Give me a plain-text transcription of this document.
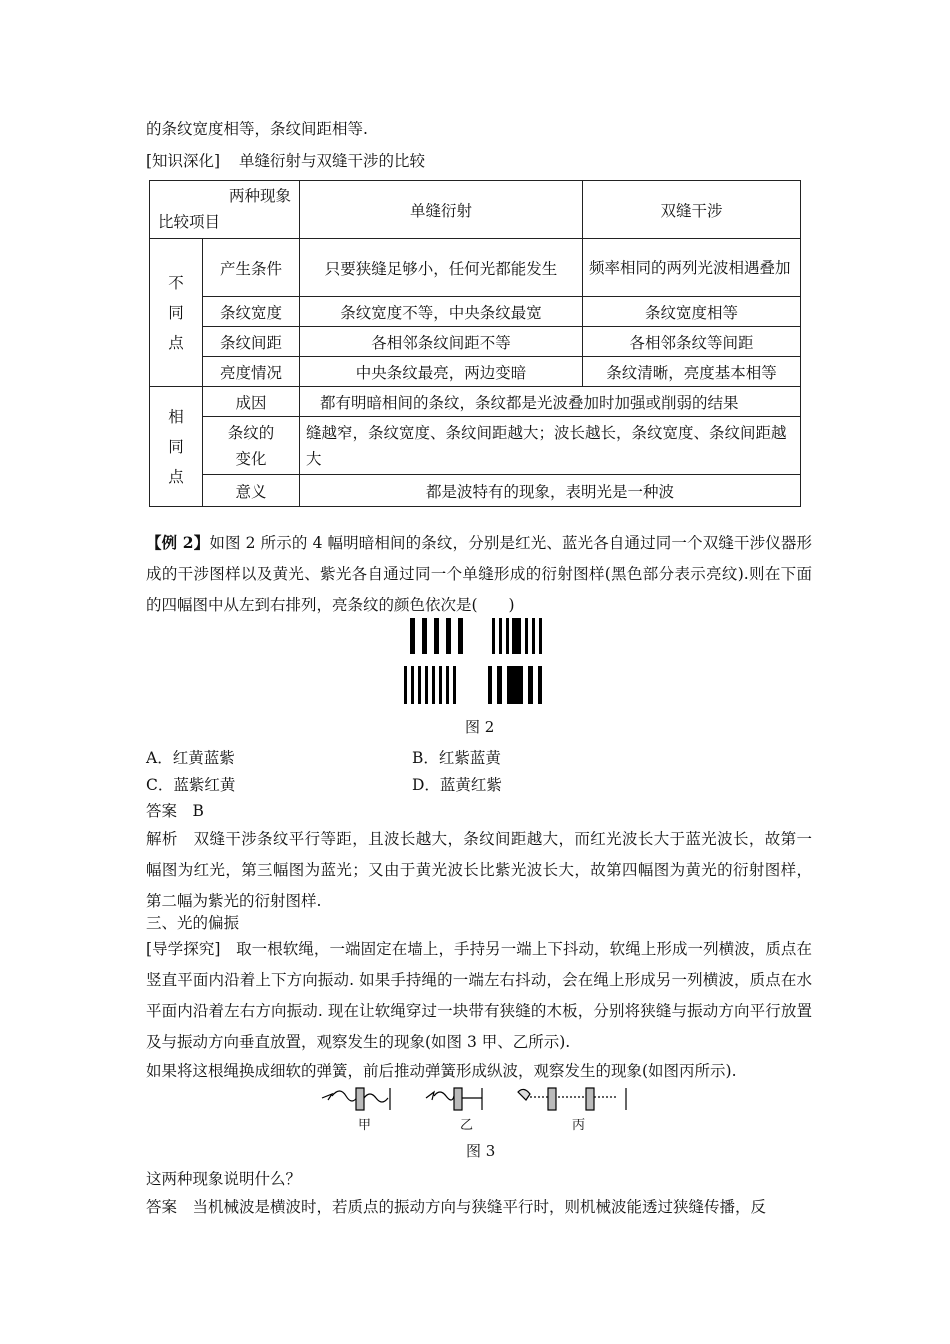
的条纹宽度相等，条纹间距相等.
[知识深化] 单缝衍射与双缝干涉的比较
两种现象
比较项目		单缝衍射	双缝干涉
不同点	产生条件	只要狭缝足够小，任何光都能发生	频率相同的两列光波相遇叠加
	条纹宽度	条纹宽度不等，中央条纹最宽	条纹宽度相等
	条纹间距	各相邻条纹间距不等	各相邻条纹等间距
	亮度情况	中央条纹最亮，两边变暗	条纹清晰，亮度基本相等
相同点	成因	都有明暗相间的条纹，条纹都是光波叠加时加强或削弱的结果	
	条纹的变化	缝越窄，条纹宽度、条纹间距越大；波长越长，条纹宽度、条纹间距越大	
	意义	都是波特有的现象，表明光是一种波	
【例 2】如图 2 所示的 4 幅明暗相间的条纹，分别是红光、蓝光各自通过同一个双缝干涉仪器形成的干涉图样以及黄光、紫光各自通过同一个单缝形成的衍射图样(黑色部分表示亮纹).则在下面的四幅图中从左到右排列，亮条纹的颜色依次是(　　)
图 2
A．红黄蓝紫	B．红紫蓝黄
C．蓝紫红黄	D．蓝黄红紫
答案　B
解析　双缝干涉条纹平行等距，且波长越大，条纹间距越大，而红光波长大于蓝光波长，故第一幅图为红光，第三幅图为蓝光；又由于黄光波长比紫光波长大，故第四幅图为黄光的衍射图样，第二幅为紫光的衍射图样.
三、光的偏振
[导学探究]　取一根软绳，一端固定在墙上，手持另一端上下抖动，软绳上形成一列横波，质点在竖直平面内沿着上下方向振动. 如果手持绳的一端左右抖动，会在绳上形成另一列横波，质点在水平面内沿着左右方向振动. 现在让软绳穿过一块带有狭缝的木板，分别将狭缝与振动方向平行放置及与振动方向垂直放置，观察发生的现象(如图 3 甲、乙所示).
如果将这根绳换成细软的弹簧，前后推动弹簧形成纵波，观察发生的现象(如图丙所示).
甲	乙	丙
图 3
这两种现象说明什么？
答案　当机械波是横波时，若质点的振动方向与狭缝平行时，则机械波能透过狭缝传播，反
